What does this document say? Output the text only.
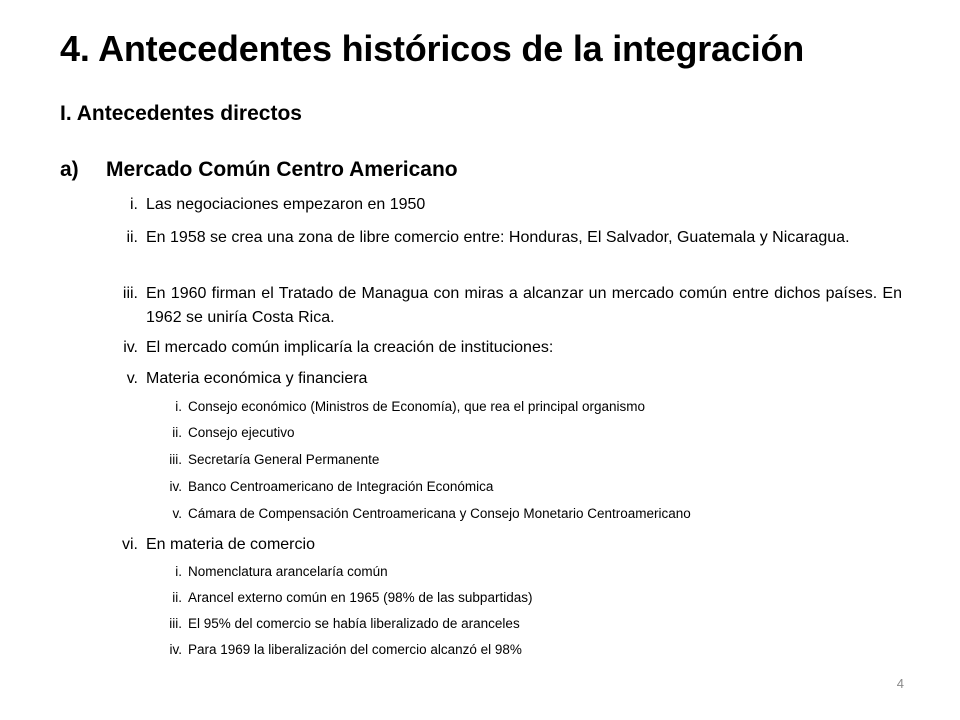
4. Antecedentes históricos de la integración
I. Antecedentes directos
a) Mercado Común Centro Americano
i. Las negociaciones empezaron en 1950
ii. En 1958 se crea una zona de libre comercio entre: Honduras, El Salvador, Guatemala y Nicaragua.
iii. En 1960 firman el Tratado de Managua con miras a alcanzar un mercado común entre dichos países. En 1962 se uniría Costa Rica.
iv. El mercado común implicaría la creación de instituciones:
v. Materia económica y financiera
i. Consejo económico (Ministros de Economía), que rea el principal organismo
ii. Consejo ejecutivo
iii. Secretaría General Permanente
iv. Banco Centroamericano de Integración Económica
v. Cámara de Compensación Centroamericana y Consejo Monetario Centroamericano
vi. En materia de comercio
i. Nomenclatura arancelaría común
ii. Arancel externo común en 1965 (98% de las subpartidas)
iii. El 95% del comercio se había liberalizado de aranceles
iv. Para 1969 la liberalización del comercio alcanzó el 98%
4
